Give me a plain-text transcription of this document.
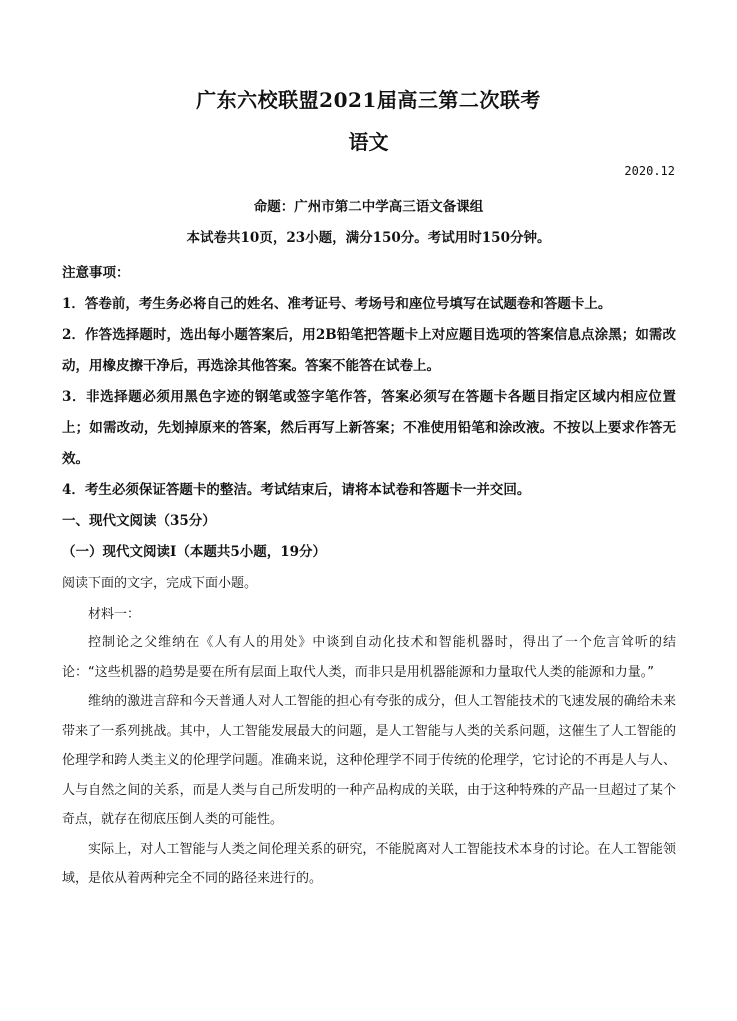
广东六校联盟2021届高三第二次联考
语文
2020.12
命题：广州市第二中学高三语文备课组
本试卷共10页，23小题，满分150分。考试用时150分钟。
注意事项：
1．答卷前，考生务必将自己的姓名、准考证号、考场号和座位号填写在试题卷和答题卡上。
2．作答选择题时，选出每小题答案后，用2B铅笔把答题卡上对应题目选项的答案信息点涂黑；如需改动，用橡皮擦干净后，再选涂其他答案。答案不能答在试卷上。
3．非选择题必须用黑色字迹的钢笔或签字笔作答，答案必须写在答题卡各题目指定区域内相应位置上；如需改动，先划掉原来的答案，然后再写上新答案；不准使用铅笔和涂改液。不按以上要求作答无效。
4．考生必须保证答题卡的整洁。考试结束后，请将本试卷和答题卡一并交回。
一、现代文阅读（35分）
（一）现代文阅读Ⅰ（本题共5小题，19分）
阅读下面的文字，完成下面小题。
材料一：

控制论之父维纳在《人有人的用处》中谈到自动化技术和智能机器时，得出了一个危言耸听的结论：“这些机器的趋势是要在所有层面上取代人类，而非只是用机器能源和力量取代人类的能源和力量。”

维纳的激进言辞和今天普通人对人工智能的担心有夸张的成分，但人工智能技术的飞速发展的确给未来带来了一系列挑战。其中，人工智能发展最大的问题，是人工智能与人类的关系问题，这催生了人工智能的伦理学和跨人类主义的伦理学问题。准确来说，这种伦理学不同于传统的伦理学，它讨论的不再是人与人、人与自然之间的关系，而是人类与自己所发明的一种产品构成的关联，由于这种特殊的产品一旦超过了某个奇点，就存在彻底压倒人类的可能性。

实际上，对人工智能与人类之间伦理关系的研究，不能脱离对人工智能技术本身的讨论。在人工智能领域，是依从着两种完全不同的路径来进行的。
